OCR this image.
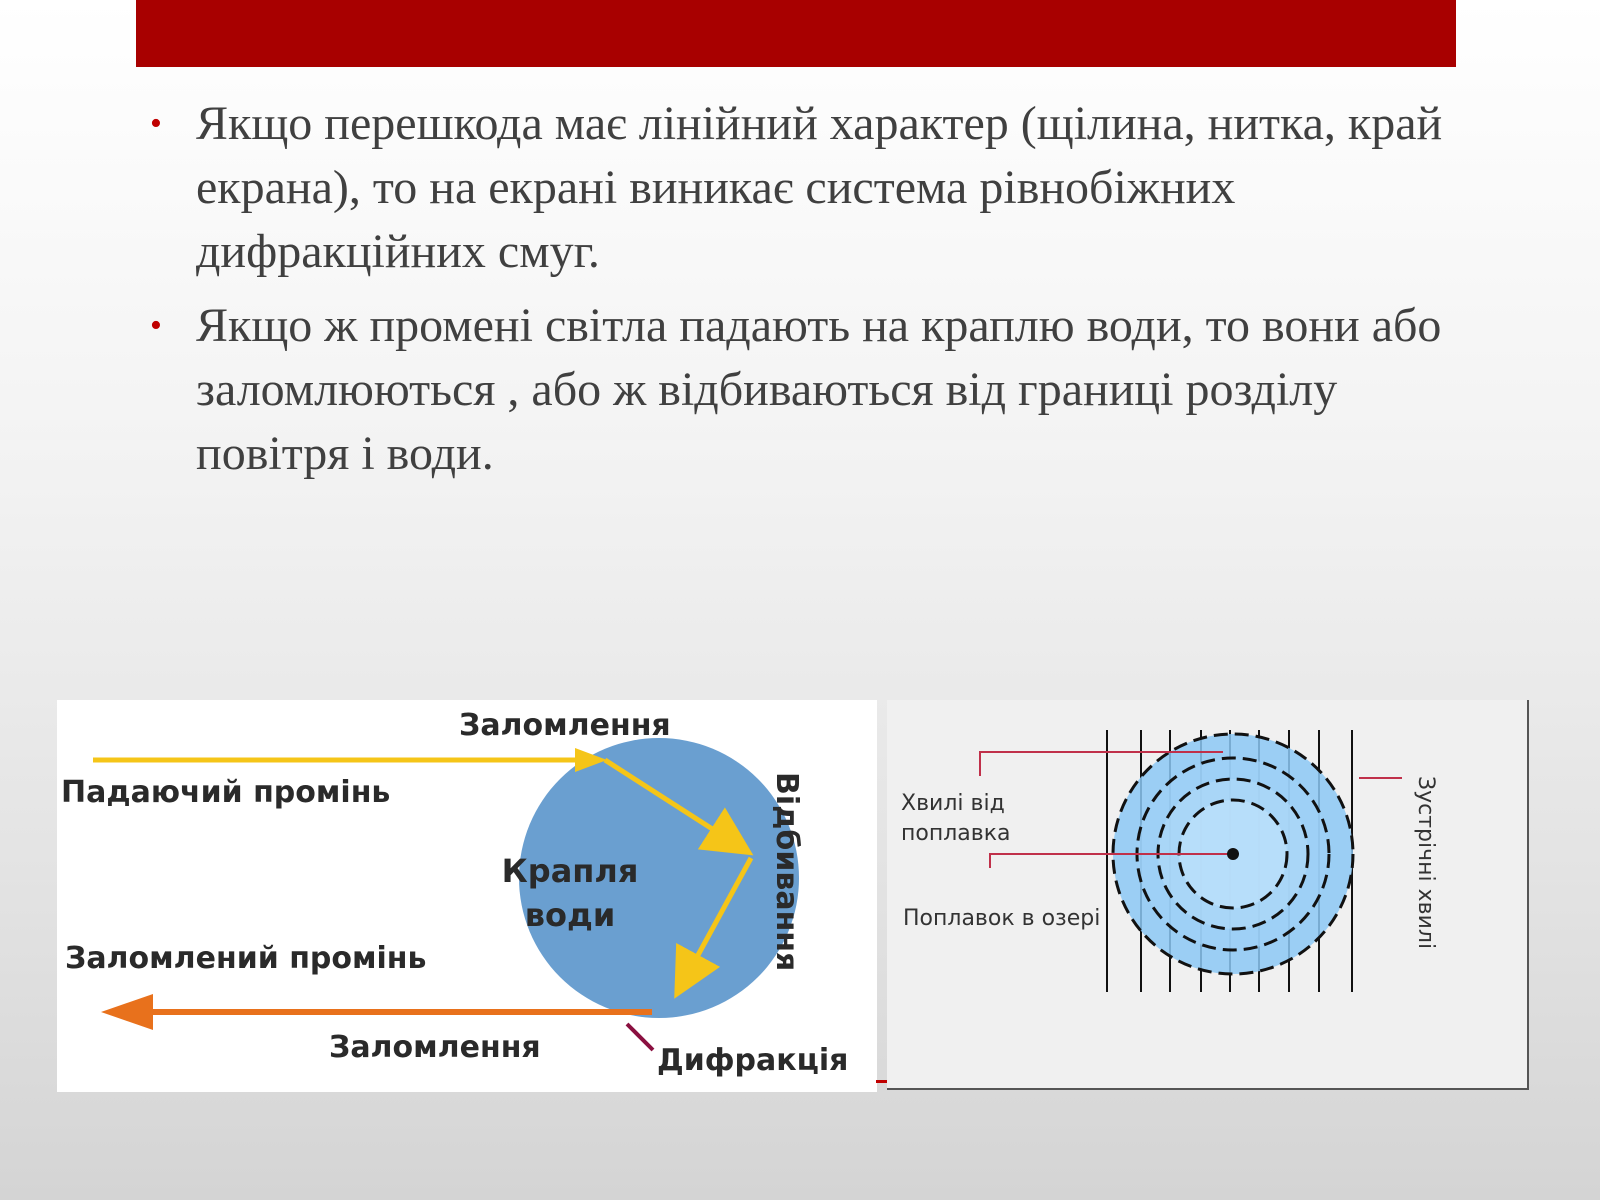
• Якщо перешкода має лінійний характер (щілина, нитка, край екрана), то на екрані виникає система рівнобіжних дифракційних смуг.
• Якщо ж промені світла падають на краплю води, то вони або заломлюються , або ж відбиваються від границі розділу повітря і води.
Заломлення
Падаючий промінь
Крапля
води	Відбивання
Заломлений промінь
Заломлення	Дифракція
Хвилі від
поплавка
Поплавок в озері	Зустрічні хвилі
